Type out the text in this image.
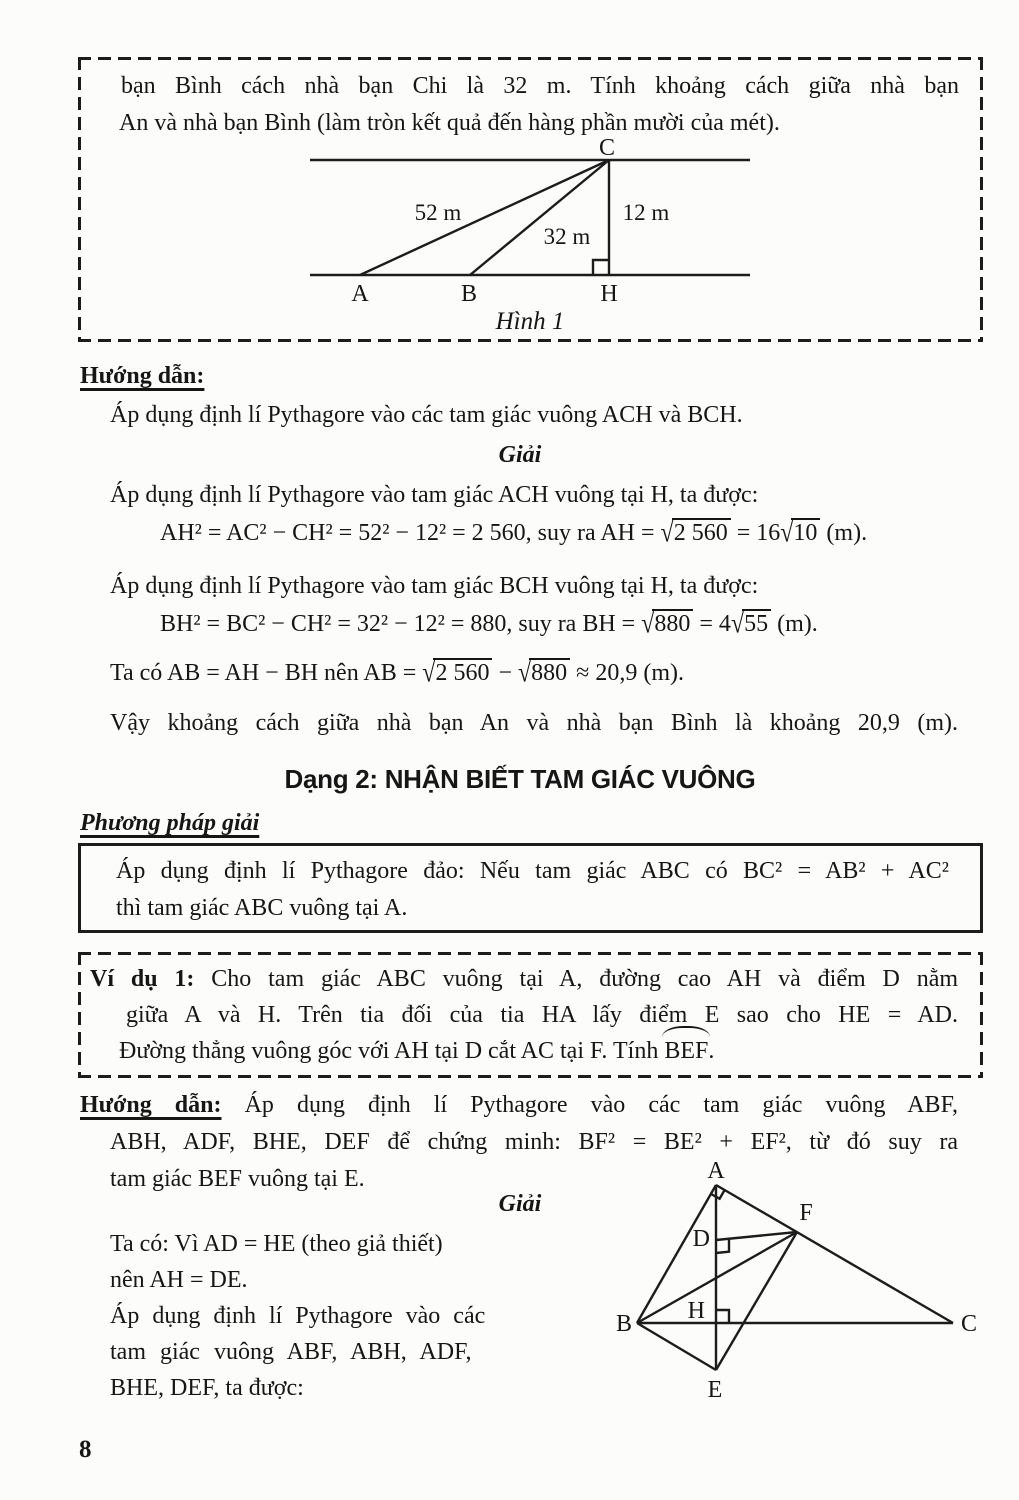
bạn Bình cách nhà bạn Chi là 32 m. Tính khoảng cách giữa nhà bạn
An và nhà bạn Bình (làm tròn kết quả đến hàng phần mười của mét).
C
A	B	H
52 m
32 m
12 m
Hình 1
Hướng dẫn:
Áp dụng định lí Pythagore vào các tam giác vuông ACH và BCH.
Giải
Áp dụng định lí Pythagore vào tam giác ACH vuông tại H, ta được:
AH² = AC² − CH² = 52² − 12² = 2 560, suy ra AH = √ 2 560 = 16 √ 10 (m).
Áp dụng định lí Pythagore vào tam giác BCH vuông tại H, ta được:
BH² = BC² − CH² = 32² − 12² = 880, suy ra BH = √ 880 = 4 √ 55 (m).
Ta có AB = AH − BH nên AB = √ 2 560 − √ 880 ≈ 20,9 (m).
Vậy khoảng cách giữa nhà bạn An và nhà bạn Bình là khoảng 20,9 (m).
Dạng 2: NHẬN BIẾT TAM GIÁC VUÔNG
Phương pháp giải
Áp dụng định lí Pythagore đảo: Nếu tam giác ABC có BC² = AB² + AC²
thì tam giác ABC vuông tại A.
Ví dụ 1: Cho tam giác ABC vuông tại A, đường cao AH và điểm D nằm
giữa A và H. Trên tia đối của tia HA lấy điểm E sao cho HE = AD.
Đường thẳng vuông góc với AH tại D cắt AC tại F. Tính BEF.
Hướng dẫn: Áp dụng định lí Pythagore vào các tam giác vuông ABF,
ABH, ADF, BHE, DEF để chứng minh: BF² = BE² + EF², từ đó suy ra
tam giác BEF vuông tại E.
Giải
Ta có: Vì AD = HE (theo giả thiết)
nên AH = DE.
Áp dụng định lí Pythagore vào các
tam giác vuông ABF, ABH, ADF,
BHE, DEF, ta được:
A
F
D
B H	C
E
8
